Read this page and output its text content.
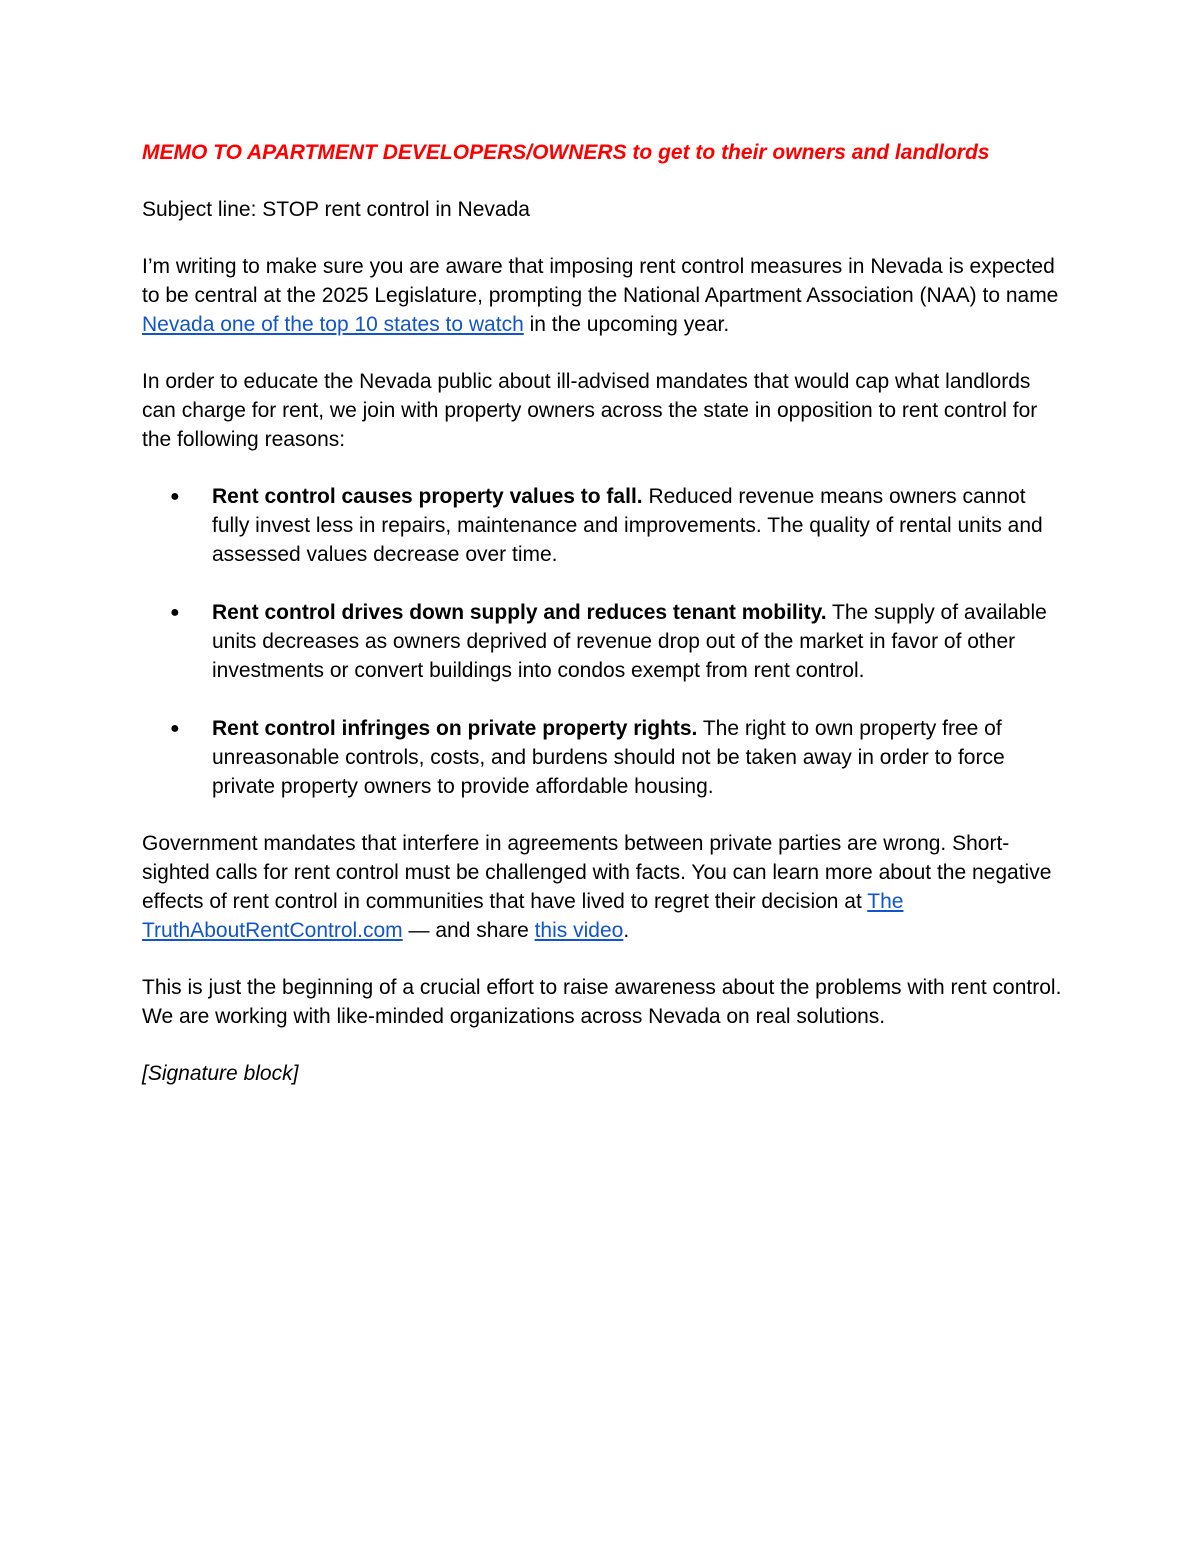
MEMO TO APARTMENT DEVELOPERS/OWNERS to get to their owners and landlords

Subject line: STOP rent control in Nevada

I’m writing to make sure you are aware that imposing rent control measures in Nevada is expected to be central at the 2025 Legislature, prompting the National Apartment Association (NAA) to name Nevada one of the top 10 states to watch in the upcoming year.

In order to educate the Nevada public about ill-advised mandates that would cap what landlords can charge for rent, we join with property owners across the state in opposition to rent control for the following reasons:

● Rent control causes property values to fall. Reduced revenue means owners cannot fully invest less in repairs, maintenance and improvements. The quality of rental units and assessed values decrease over time.
● Rent control drives down supply and reduces tenant mobility. The supply of available units decreases as owners deprived of revenue drop out of the market in favor of other investments or convert buildings into condos exempt from rent control.
● Rent control infringes on private property rights. The right to own property free of unreasonable controls, costs, and burdens should not be taken away in order to force private property owners to provide affordable housing.

Government mandates that interfere in agreements between private parties are wrong. Short-sighted calls for rent control must be challenged with facts. You can learn more about the negative effects of rent control in communities that have lived to regret their decision at The TruthAboutRentControl.com — and share this video.

This is just the beginning of a crucial effort to raise awareness about the problems with rent control. We are working with like-minded organizations across Nevada on real solutions.

[Signature block]
